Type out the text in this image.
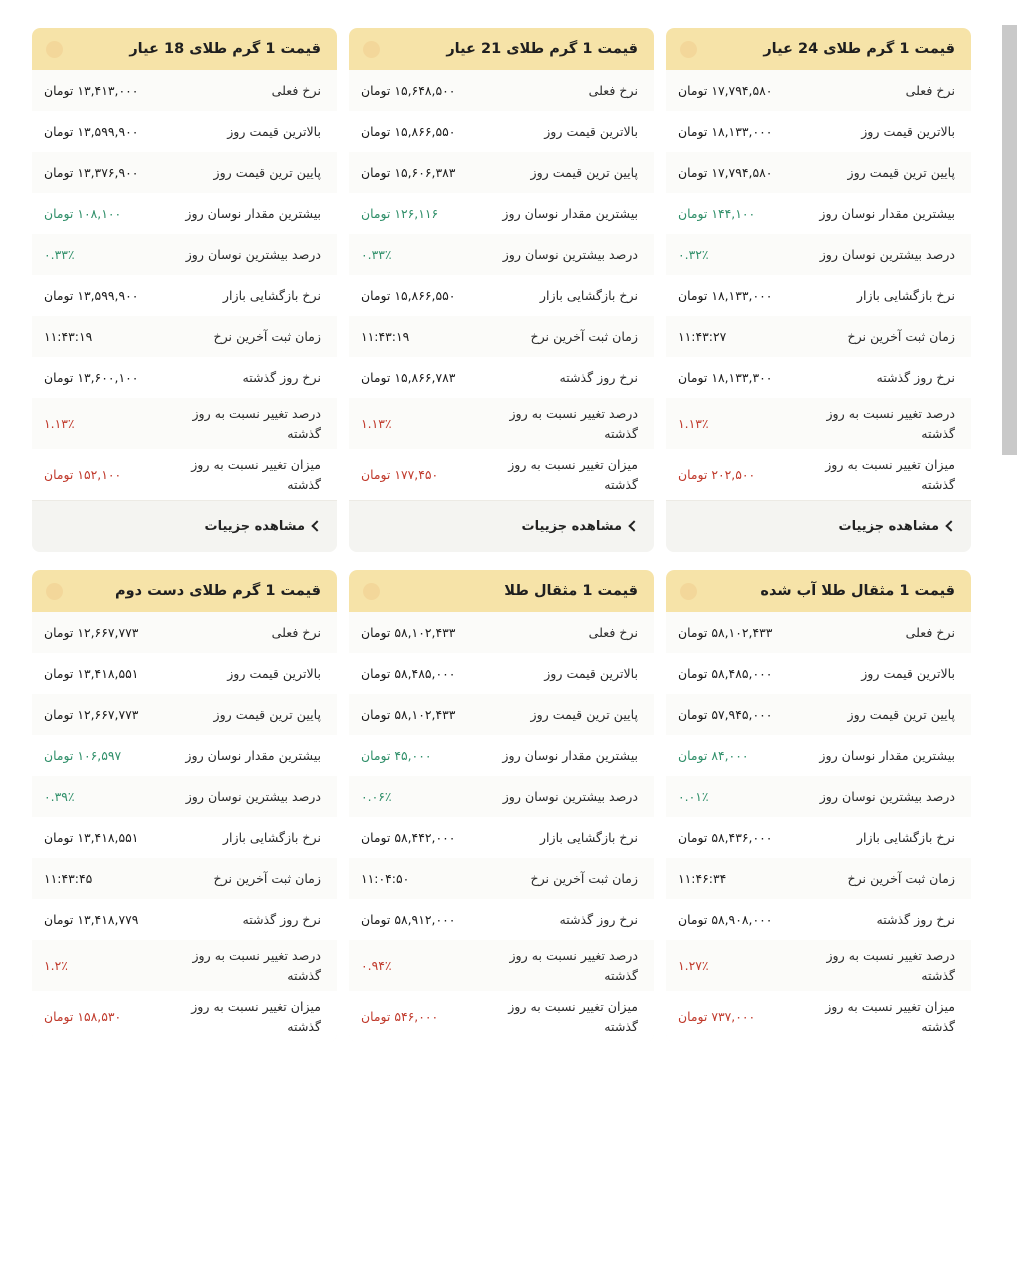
قیمت 1 گرم طلای 24 عیار
نرخ فعلی
۱۷,۷۹۴,۵۸۰ تومان
بالاترین قیمت روز
۱۸,۱۳۳,۰۰۰ تومان
پایین ترین قیمت روز
۱۷,۷۹۴,۵۸۰ تومان
بیشترین مقدار نوسان روز
۱۴۴,۱۰۰ تومان
درصد بیشترین نوسان روز
۰.۳۲٪
نرخ بازگشایی بازار
۱۸,۱۳۳,۰۰۰ تومان
زمان ثبت آخرین نرخ
۱۱:۴۳:۲۷
نرخ روز گذشته
۱۸,۱۳۳,۳۰۰ تومان
درصد تغییر نسبت به روز گذشته
۱.۱۳٪
میزان تغییر نسبت به روز گذشته
۲۰۲,۵۰۰ تومان
مشاهده جزییات
قیمت 1 گرم طلای 21 عیار
نرخ فعلی
۱۵,۶۴۸,۵۰۰ تومان
بالاترین قیمت روز
۱۵,۸۶۶,۵۵۰ تومان
پایین ترین قیمت روز
۱۵,۶۰۶,۳۸۳ تومان
بیشترین مقدار نوسان روز
۱۲۶,۱۱۶ تومان
درصد بیشترین نوسان روز
۰.۳۳٪
نرخ بازگشایی بازار
۱۵,۸۶۶,۵۵۰ تومان
زمان ثبت آخرین نرخ
۱۱:۴۳:۱۹
نرخ روز گذشته
۱۵,۸۶۶,۷۸۳ تومان
درصد تغییر نسبت به روز گذشته
۱.۱۳٪
میزان تغییر نسبت به روز گذشته
۱۷۷,۴۵۰ تومان
مشاهده جزییات
قیمت 1 گرم طلای 18 عیار
نرخ فعلی
۱۳,۴۱۳,۰۰۰ تومان
بالاترین قیمت روز
۱۳,۵۹۹,۹۰۰ تومان
پایین ترین قیمت روز
۱۳,۳۷۶,۹۰۰ تومان
بیشترین مقدار نوسان روز
۱۰۸,۱۰۰ تومان
درصد بیشترین نوسان روز
۰.۳۳٪
نرخ بازگشایی بازار
۱۳,۵۹۹,۹۰۰ تومان
زمان ثبت آخرین نرخ
۱۱:۴۳:۱۹
نرخ روز گذشته
۱۳,۶۰۰,۱۰۰ تومان
درصد تغییر نسبت به روز گذشته
۱.۱۳٪
میزان تغییر نسبت به روز گذشته
۱۵۲,۱۰۰ تومان
مشاهده جزییات
قیمت 1 مثقال طلا آب شده
نرخ فعلی
۵۸,۱۰۲,۴۳۳ تومان
بالاترین قیمت روز
۵۸,۴۸۵,۰۰۰ تومان
پایین ترین قیمت روز
۵۷,۹۴۵,۰۰۰ تومان
بیشترین مقدار نوسان روز
۸۴,۰۰۰ تومان
درصد بیشترین نوسان روز
۰.۰۱٪
نرخ بازگشایی بازار
۵۸,۴۳۶,۰۰۰ تومان
زمان ثبت آخرین نرخ
۱۱:۴۶:۳۴
نرخ روز گذشته
۵۸,۹۰۸,۰۰۰ تومان
درصد تغییر نسبت به روز گذشته
۱.۲۷٪
میزان تغییر نسبت به روز گذشته
۷۳۷,۰۰۰ تومان
قیمت 1 مثقال طلا
نرخ فعلی
۵۸,۱۰۲,۴۳۳ تومان
بالاترین قیمت روز
۵۸,۴۸۵,۰۰۰ تومان
پایین ترین قیمت روز
۵۸,۱۰۲,۴۳۳ تومان
بیشترین مقدار نوسان روز
۴۵,۰۰۰ تومان
درصد بیشترین نوسان روز
۰.۰۶٪
نرخ بازگشایی بازار
۵۸,۴۴۲,۰۰۰ تومان
زمان ثبت آخرین نرخ
۱۱:۰۴:۵۰
نرخ روز گذشته
۵۸,۹۱۲,۰۰۰ تومان
درصد تغییر نسبت به روز گذشته
۰.۹۴٪
میزان تغییر نسبت به روز گذشته
۵۴۶,۰۰۰ تومان
قیمت 1 گرم طلای دست دوم
نرخ فعلی
۱۲,۶۶۷,۷۷۳ تومان
بالاترین قیمت روز
۱۳,۴۱۸,۵۵۱ تومان
پایین ترین قیمت روز
۱۲,۶۶۷,۷۷۳ تومان
بیشترین مقدار نوسان روز
۱۰۶,۵۹۷ تومان
درصد بیشترین نوسان روز
۰.۳۹٪
نرخ بازگشایی بازار
۱۳,۴۱۸,۵۵۱ تومان
زمان ثبت آخرین نرخ
۱۱:۴۳:۴۵
نرخ روز گذشته
۱۳,۴۱۸,۷۷۹ تومان
درصد تغییر نسبت به روز گذشته
۱.۲٪
میزان تغییر نسبت به روز گذشته
۱۵۸,۵۳۰ تومان
